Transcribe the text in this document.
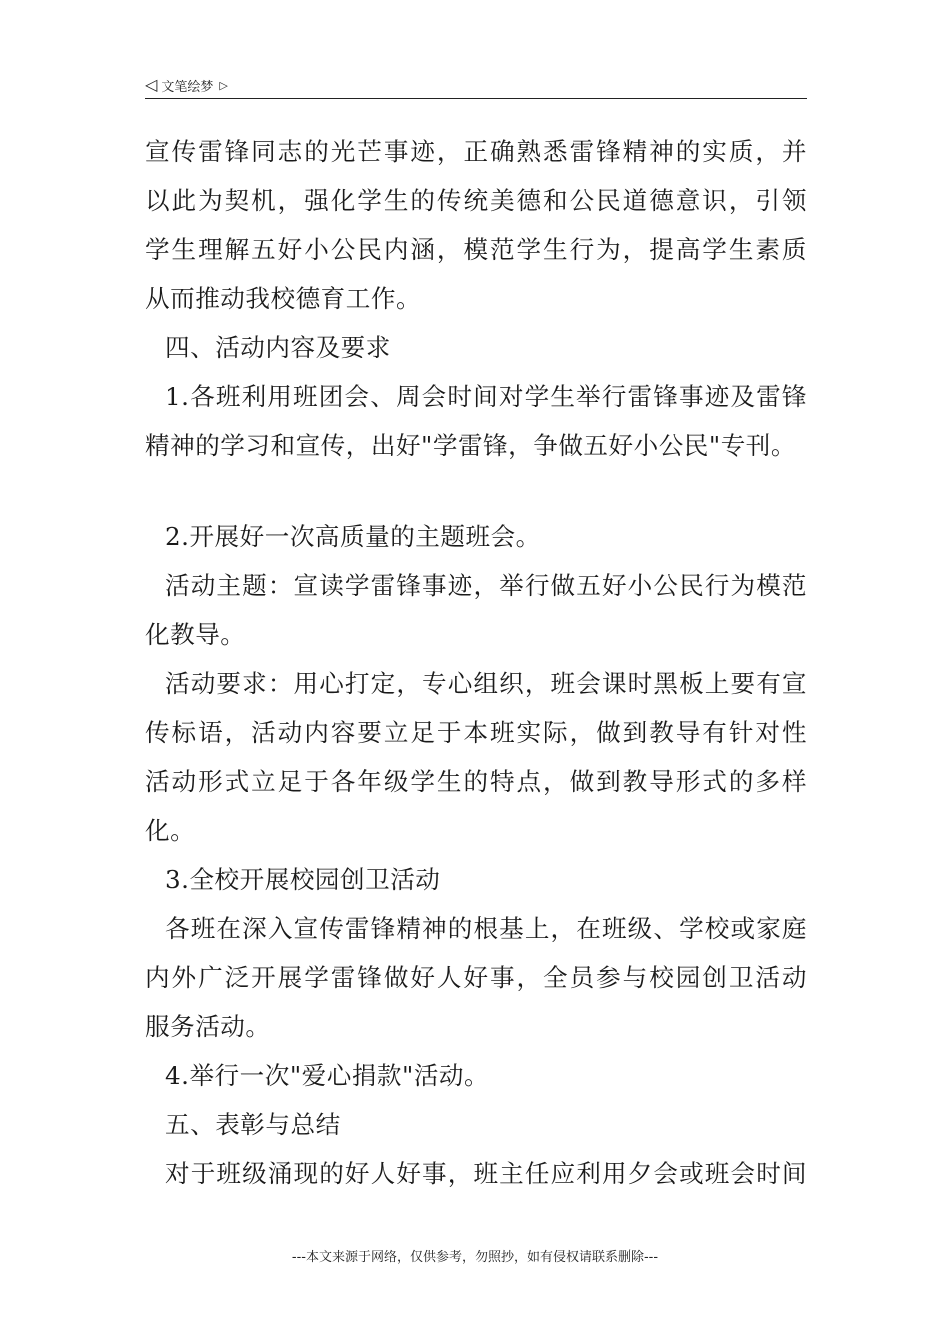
◁ 文笔绘梦 ▷
宣传雷锋同志的光芒事迹，正确熟悉雷锋精神的实质，并
以此为契机，强化学生的传统美德和公民道德意识，引领
学生理解五好小公民内涵，模范学生行为，提高学生素质
从而推动我校德育工作。
四、活动内容及要求
1.各班利用班团会、周会时间对学生举行雷锋事迹及雷锋
精神的学习和宣传，出好"学雷锋，争做五好小公民"专刊。
2.开展好一次高质量的主题班会。
活动主题：宣读学雷锋事迹，举行做五好小公民行为模范
化教导。
活动要求：用心打定，专心组织，班会课时黑板上要有宣
传标语，活动内容要立足于本班实际，做到教导有针对性
活动形式立足于各年级学生的特点，做到教导形式的多样
化。
3.全校开展校园创卫活动
各班在深入宣传雷锋精神的根基上，在班级、学校或家庭
内外广泛开展学雷锋做好人好事，全员参与校园创卫活动
服务活动。
4.举行一次"爱心捐款"活动。
五、表彰与总结
对于班级涌现的好人好事，班主任应利用夕会或班会时间
---本文来源于网络，仅供参考，勿照抄，如有侵权请联系删除---
